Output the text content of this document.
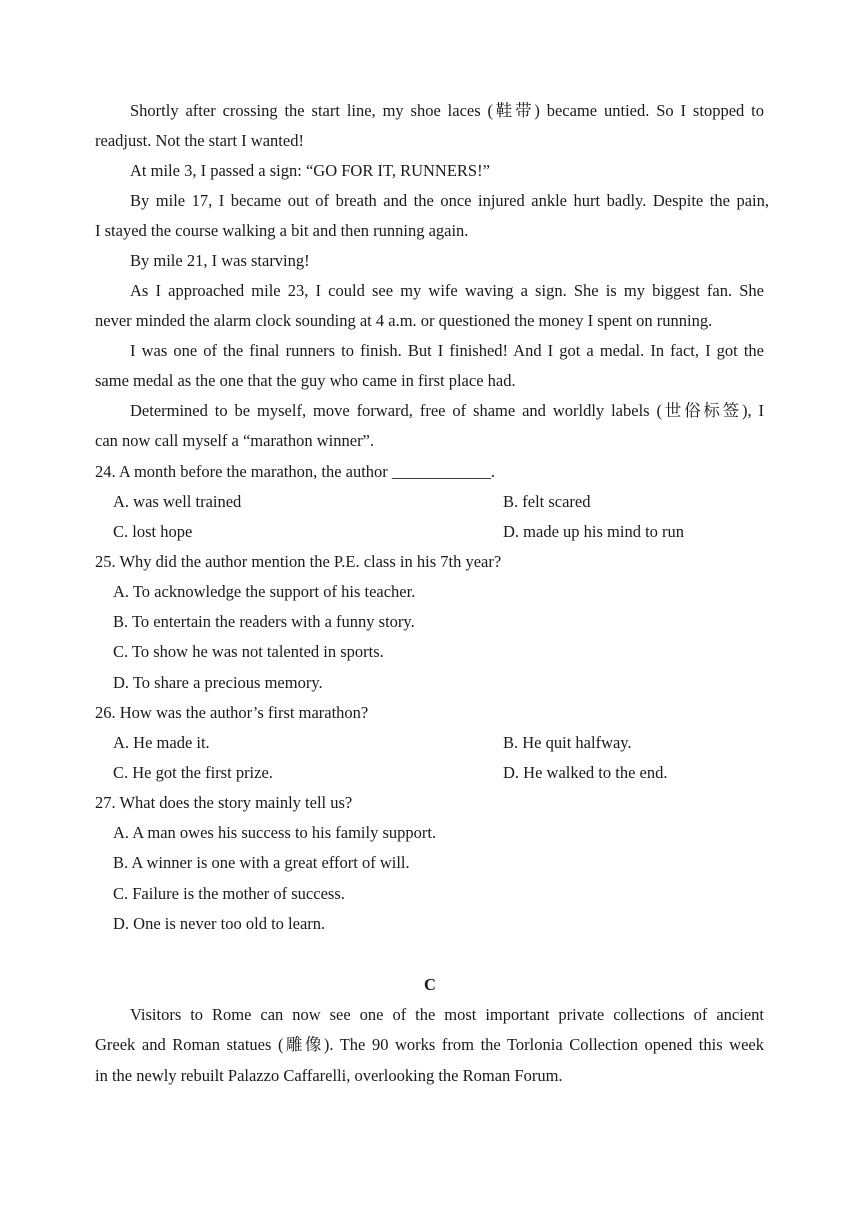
Shortly after crossing the start line, my shoe laces (鞋带) became untied. So I stopped to
readjust. Not the start I wanted!
At mile 3, I passed a sign: “GO FOR IT, RUNNERS!”
By mile 17, I became out of breath and the once injured ankle hurt badly. Despite the pain,
I stayed the course walking a bit and then running again.
By mile 21, I was starving!
As I approached mile 23, I could see my wife waving a sign. She is my biggest fan. She
never minded the alarm clock sounding at 4 a.m. or questioned the money I spent on running.
I was one of the final runners to finish. But I finished! And I got a medal. In fact, I got the
same medal as the one that the guy who came in first place had.
Determined to be myself, move forward, free of shame and worldly labels (世俗标签), I
can now call myself a “marathon winner”.
24. A month before the marathon, the author ____________.
A. was well trained	B. felt scared
C. lost hope	D. made up his mind to run
25. Why did the author mention the P.E. class in his 7th year?
A. To acknowledge the support of his teacher.
B. To entertain the readers with a funny story.
C. To show he was not talented in sports.
D. To share a precious memory.
26. How was the author’s first marathon?
A. He made it.	B. He quit halfway.
C. He got the first prize.	D. He walked to the end.
27. What does the story mainly tell us?
A. A man owes his success to his family support.
B. A winner is one with a great effort of will.
C. Failure is the mother of success.
D. One is never too old to learn.
C
Visitors to Rome can now see one of the most important private collections of ancient
Greek and Roman statues (雕像). The 90 works from the Torlonia Collection opened this week
in the newly rebuilt Palazzo Caffarelli, overlooking the Roman Forum.
